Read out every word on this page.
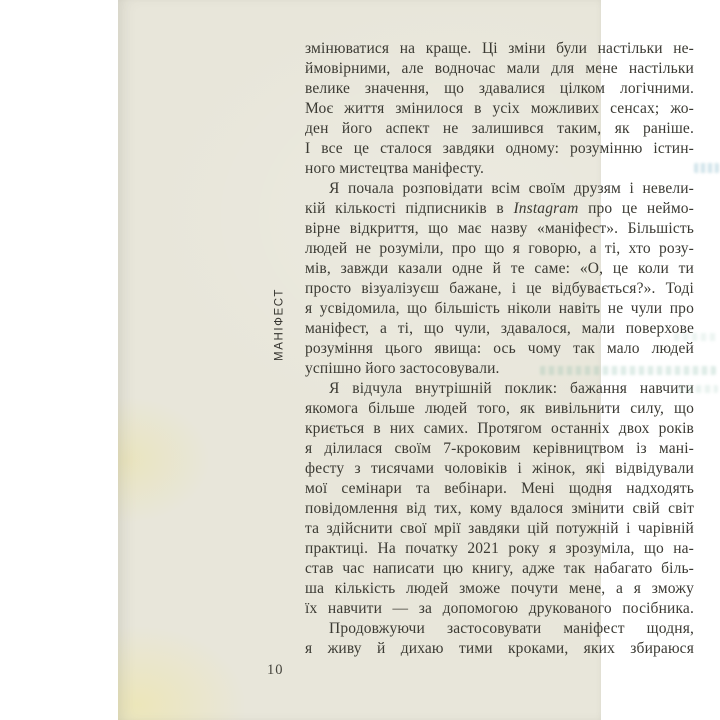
МАНІФЕСТ
змінюватися на краще. Ці зміни були настільки не-
ймовірними, але водночас мали для мене настільки
велике значення, що здавалися цілком логічними.
Моє життя змінилося в усіх можливих сенсах; жо-
ден його аспект не залишився таким, як раніше.
І все це сталося завдяки одному: розумінню істин-
ного мистецтва маніфесту.
Я почала розповідати всім своїм друзям і невели-
кій кількості підписників в Instagram про це неймо-
вірне відкриття, що має назву «маніфест». Більшість
людей не розуміли, про що я говорю, а ті, хто розу-
мів, завжди казали одне й те саме: «О, це коли ти
просто візуалізуєш бажане, і це відбувається?». Тоді
я усвідомила, що більшість ніколи навіть не чули про
маніфест, а ті, що чули, здавалося, мали поверхове
розуміння цього явища: ось чому так мало людей
успішно його застосовували.
Я відчула внутрішній поклик: бажання навчити
якомога більше людей того, як вивільнити силу, що
криється в них самих. Протягом останніх двох років
я ділилася своїм 7-кроковим керівництвом із мані-
фесту з тисячами чоловіків і жінок, які відвідували
мої семінари та вебінари. Мені щодня надходять
повідомлення від тих, кому вдалося змінити свій світ
та здійснити свої мрії завдяки цій потужній і чарівній
практиці. На початку 2021 року я зрозуміла, що на-
став час написати цю книгу, адже так набагато біль-
ша кількість людей зможе почути мене, а я зможу
їх навчити — за допомогою друкованого посібника.
Продовжуючи застосовувати маніфест щодня,
я живу й дихаю тими кроками, яких збираюся
10
